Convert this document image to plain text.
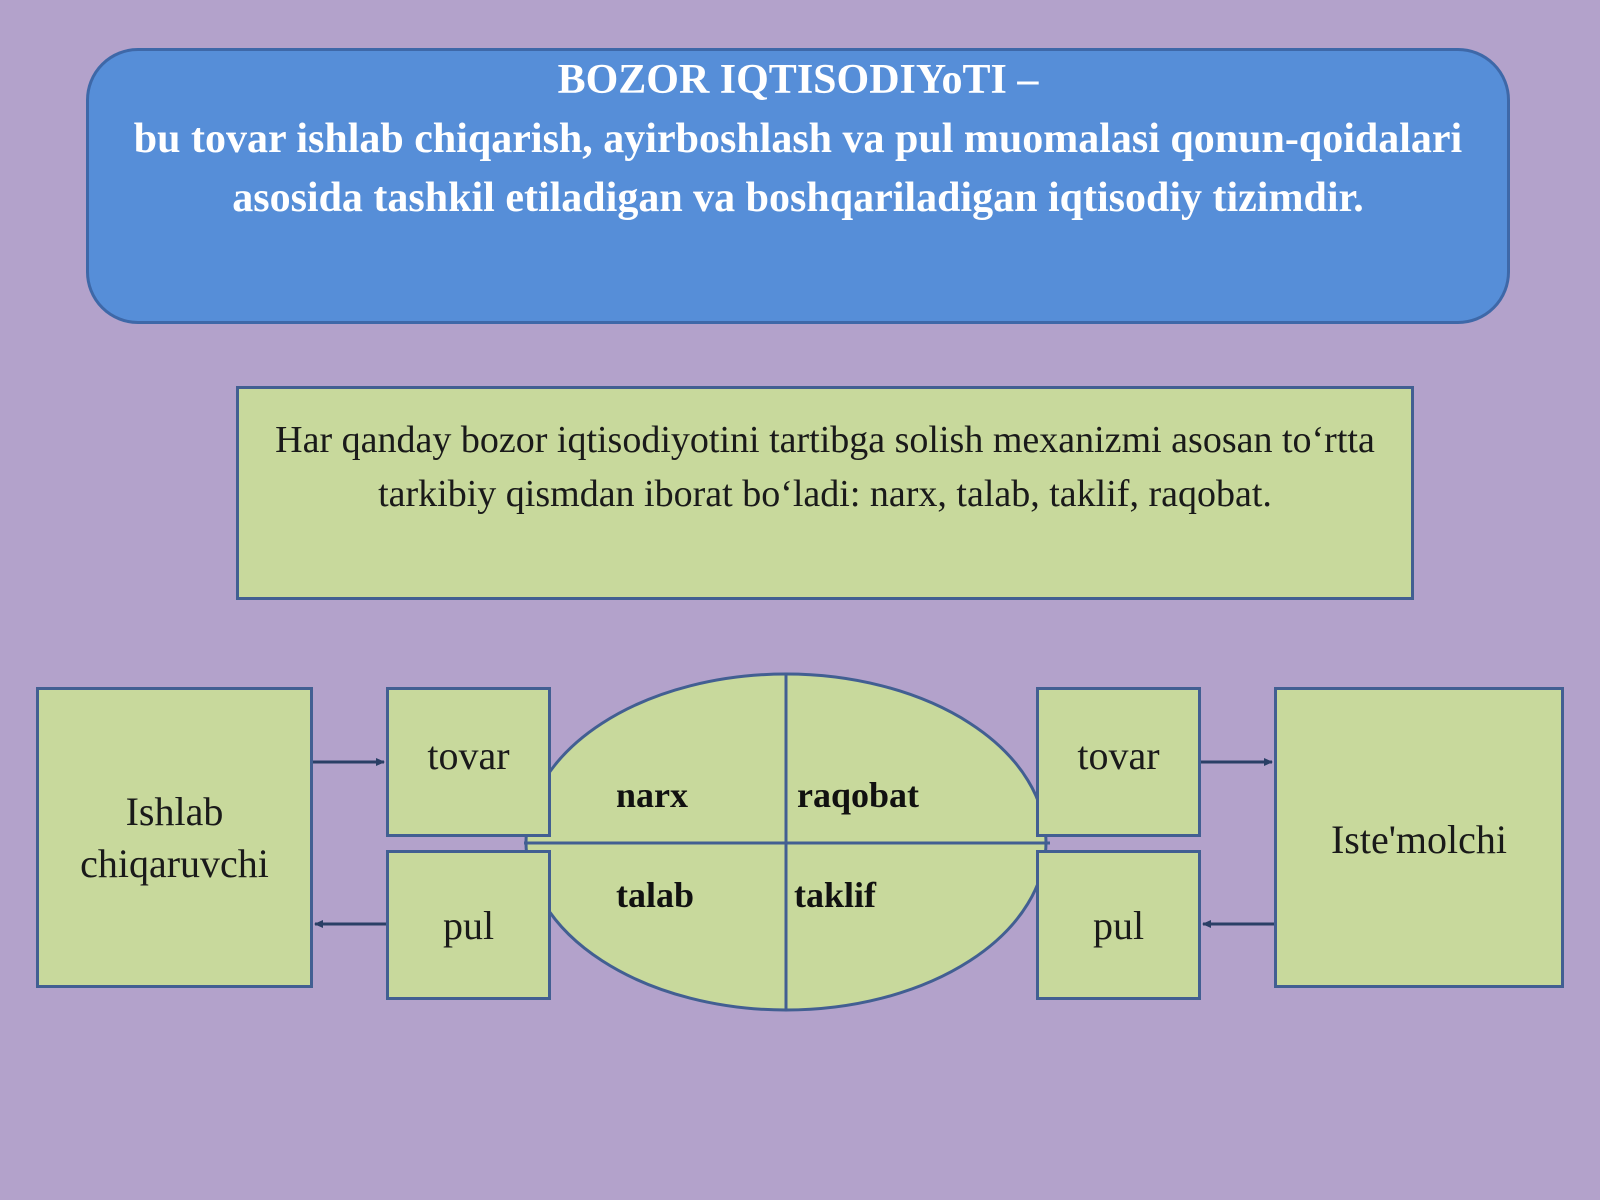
BOZOR IQTISODIYoTI –
bu tovar ishlab chiqarish, ayirboshlash va pul muomalasi qonun-qoidalari asosida tashkil etiladigan va boshqariladigan iqtisodiy tizimdir.
Har qanday bozor iqtisodiyotini tartibga solish mexanizmi asosan to‘rtta tarkibiy qismdan iborat bo‘ladi: narx, talab, taklif, raqobat.
Ishlab chiqaruvchi
tovar
pul
tovar
pul
Iste'molchi
narx	raqobat
talab	taklif
